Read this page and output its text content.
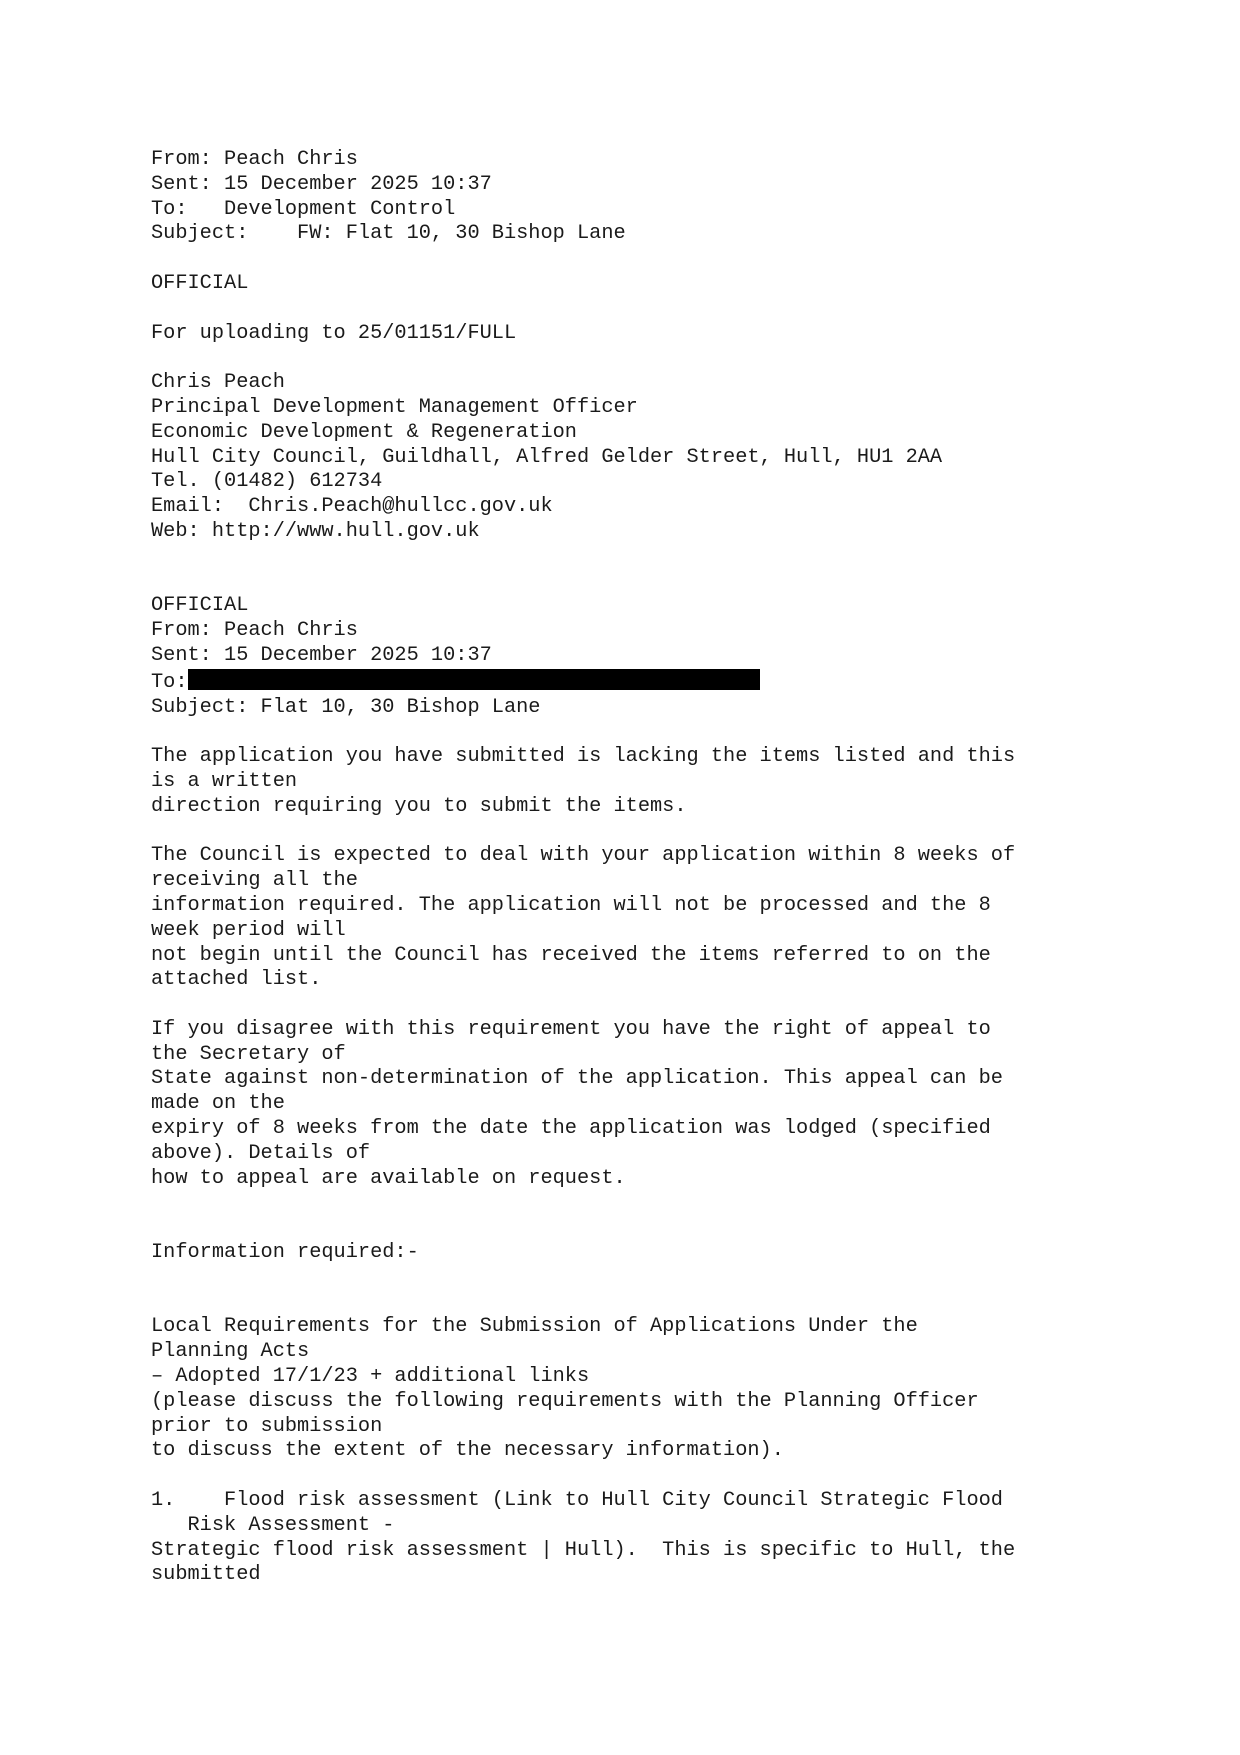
From: Peach Chris
Sent: 15 December 2025 10:37
To:   Development Control
Subject:    FW: Flat 10, 30 Bishop Lane
OFFICIAL
For uploading to 25/01151/FULL
Chris Peach
Principal Development Management Officer
Economic Development & Regeneration
Hull City Council, Guildhall, Alfred Gelder Street, Hull, HU1 2AA
Tel. (01482) 612734
Email:  Chris.Peach@hullcc.gov.uk
Web: http://www.hull.gov.uk
OFFICIAL
From: Peach Chris
Sent: 15 December 2025 10:37
To:
Subject: Flat 10, 30 Bishop Lane
The application you have submitted is lacking the items listed and this
is a written
direction requiring you to submit the items.
The Council is expected to deal with your application within 8 weeks of
receiving all the
information required. The application will not be processed and the 8
week period will
not begin until the Council has received the items referred to on the
attached list.
If you disagree with this requirement you have the right of appeal to
the Secretary of
State against non-determination of the application. This appeal can be
made on the
expiry of 8 weeks from the date the application was lodged (specified
above). Details of
how to appeal are available on request.
Information required:-
Local Requirements for the Submission of Applications Under the
Planning Acts
– Adopted 17/1/23 + additional links
(please discuss the following requirements with the Planning Officer
prior to submission
to discuss the extent of the necessary information).
1.    Flood risk assessment (Link to Hull City Council Strategic Flood
Risk Assessment -
Strategic flood risk assessment | Hull).  This is specific to Hull, the
submitted
